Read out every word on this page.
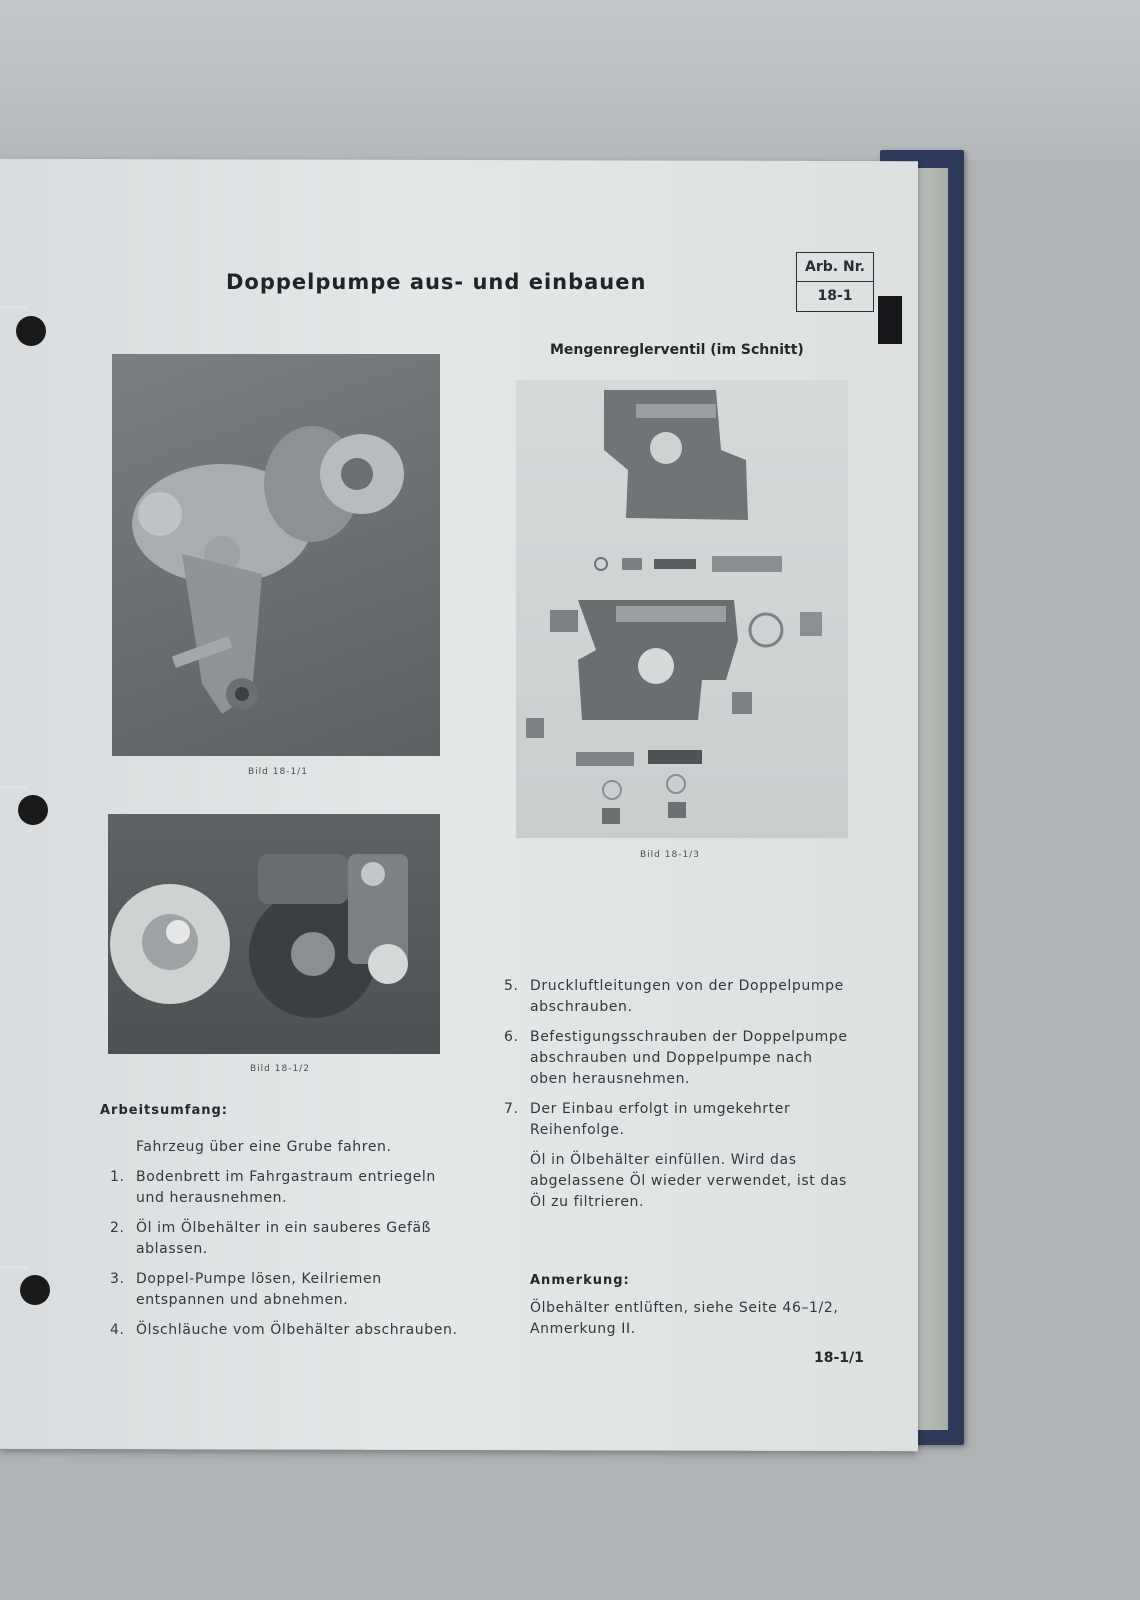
Doppelpumpe aus- und einbauen
Arb. Nr.
18-1
Bild 18-1/1
Bild 18-1/2
Mengenreglerventil (im Schnitt)
Bild 18-1/3
Arbeitsumfang:
Fahrzeug über eine Grube fahren.
1. Bodenbrett im Fahrgastraum entriegeln und herausnehmen.
2. Öl im Ölbehälter in ein sauberes Gefäß ablassen.
3. Doppel-Pumpe lösen, Keilriemen entspannen und abnehmen.
4. Ölschläuche vom Ölbehälter abschrauben.
5. Druckluftleitungen von der Doppelpumpe abschrauben.
6. Befestigungsschrauben der Doppelpumpe abschrauben und Doppelpumpe nach oben herausnehmen.
7. Der Einbau erfolgt in umgekehrter Reihenfolge.
Öl in Ölbehälter einfüllen. Wird das abgelassene Öl wieder verwendet, ist das Öl zu filtrieren.
Anmerkung:
Ölbehälter entlüften, siehe Seite 46–1/2, Anmerkung II.
18-1/1
